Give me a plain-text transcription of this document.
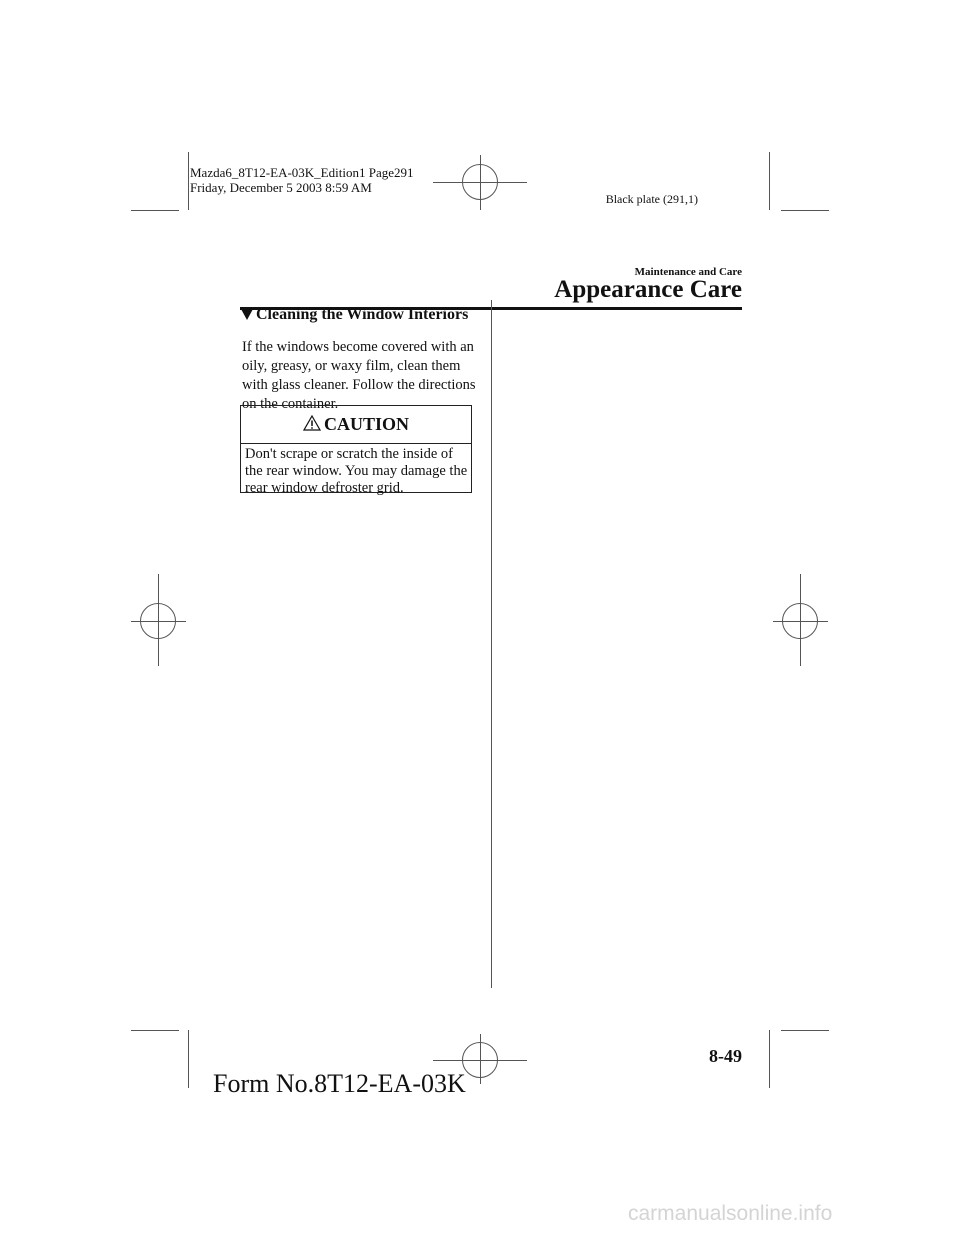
Mazda6_8T12-EA-03K_Edition1 Page291
Friday, December 5 2003 8:59 AM
Black plate (291,1)
Maintenance and Care
Appearance Care
Cleaning the Window Interiors
If the windows become covered with an oily, greasy, or waxy film, clean them with glass cleaner. Follow the directions on the container.
CAUTION
Don't scrape or scratch the inside of the rear window. You may damage the rear window defroster grid.
8-49
Form No.8T12-EA-03K
carmanualsonline.info
